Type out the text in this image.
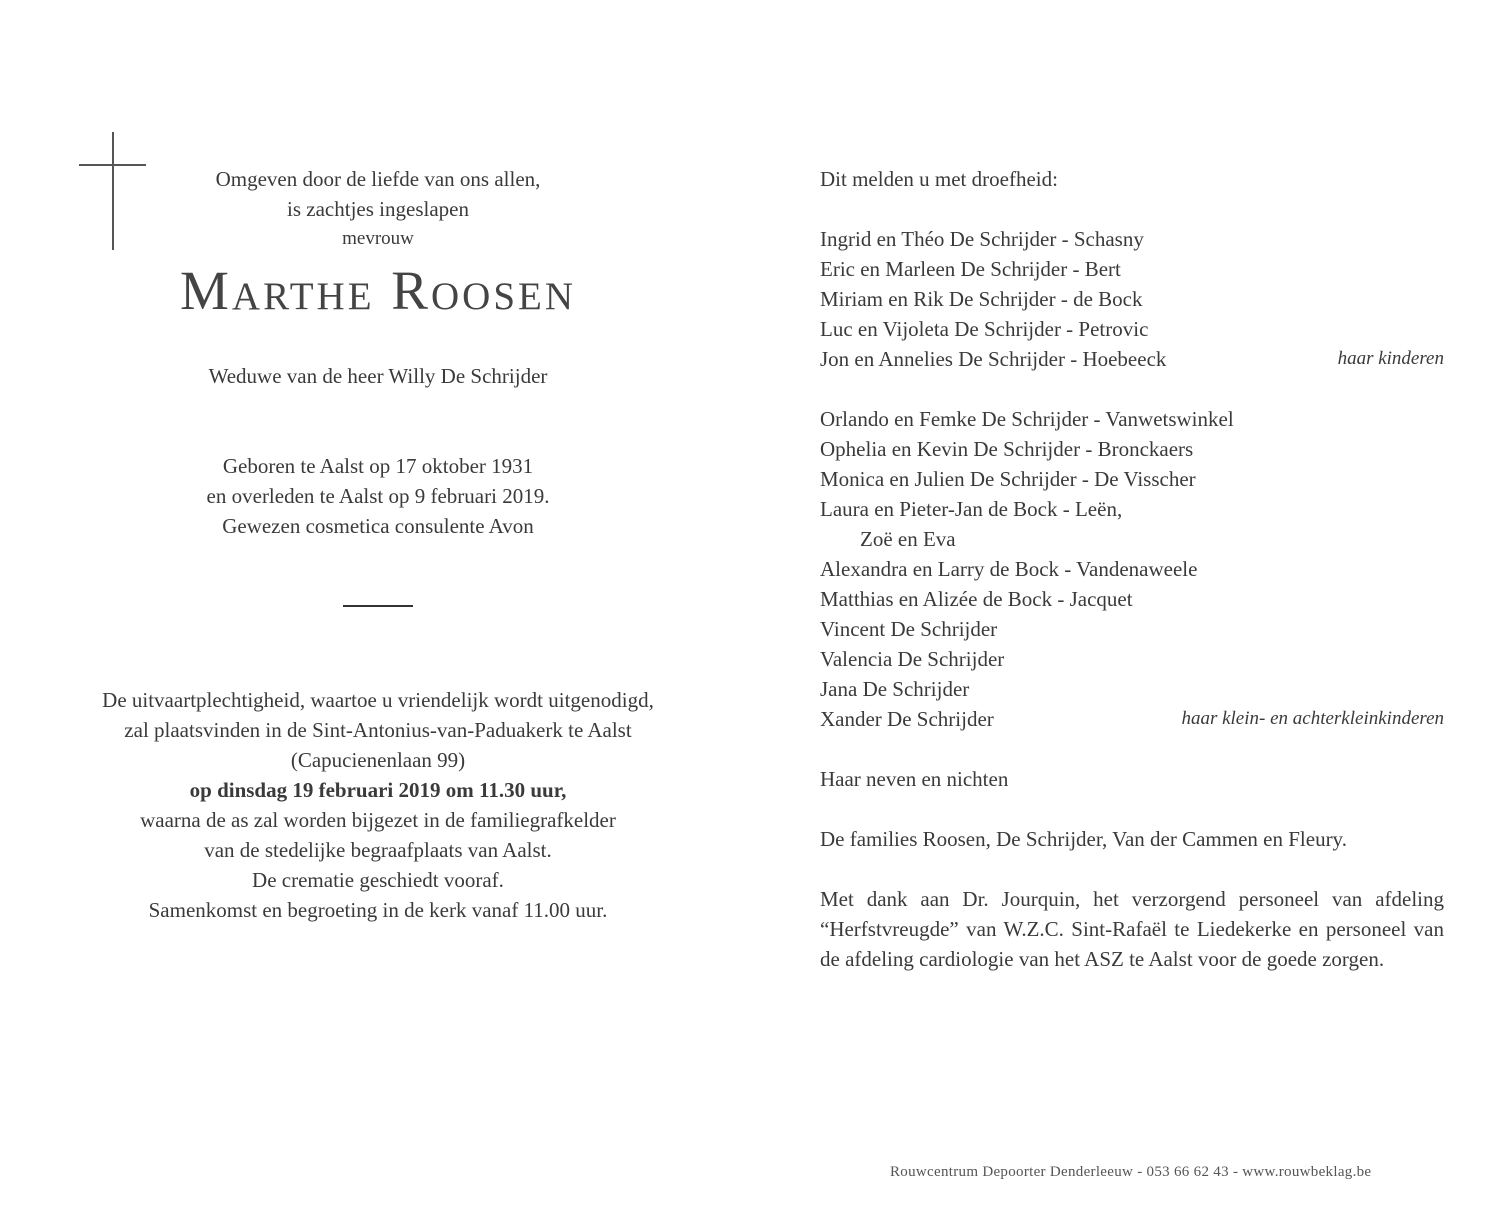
Omgeven door de liefde van ons allen,

is zachtjes ingeslapen

mevrouw

Marthe Roosen

Weduwe van de heer Willy De Schrijder

Geboren te Aalst op 17 oktober 1931

en overleden te Aalst op 9 februari 2019.

Gewezen cosmetica consulente Avon

De uitvaartplechtigheid, waartoe u vriendelijk wordt uitgenodigd,

zal plaatsvinden in de Sint-Antonius-van-Paduakerk te Aalst

(Capucienenlaan 99)

op dinsdag 19 februari 2019 om 11.30 uur,

waarna de as zal worden bijgezet in de familiegrafkelder

van de stedelijke begraafplaats van Aalst.

De crematie geschiedt vooraf.

Samenkomst en begroeting in de kerk vanaf 11.00 uur.

Dit melden u met droefheid:

Ingrid en Théo De Schrijder - Schasny

Eric en Marleen De Schrijder - Bert

Miriam en Rik De Schrijder - de Bock

Luc en Vijoleta De Schrijder - Petrovic

Jon en Annelies De Schrijder - Hoebeeck	haar kinderen

Orlando en Femke De Schrijder - Vanwetswinkel

Ophelia en Kevin De Schrijder - Bronckaers

Monica en Julien De Schrijder - De Visscher

Laura en Pieter-Jan de Bock - Leën,

Zoë en Eva

Alexandra en Larry de Bock - Vandenaweele

Matthias en Alizée de Bock - Jacquet

Vincent De Schrijder

Valencia De Schrijder

Jana De Schrijder

Xander De Schrijder	haar klein- en achterkleinkinderen

Haar neven en nichten

De families Roosen, De Schrijder, Van der Cammen en Fleury.

Met dank aan Dr. Jourquin, het verzorgend personeel van afdeling “Herfstvreugde” van W.Z.C. Sint-Rafaël te Liedekerke en personeel van de afdeling cardiologie van het ASZ te Aalst voor de goede zorgen.

Rouwcentrum Depoorter Denderleeuw - 053 66 62 43 - www.rouwbeklag.be
